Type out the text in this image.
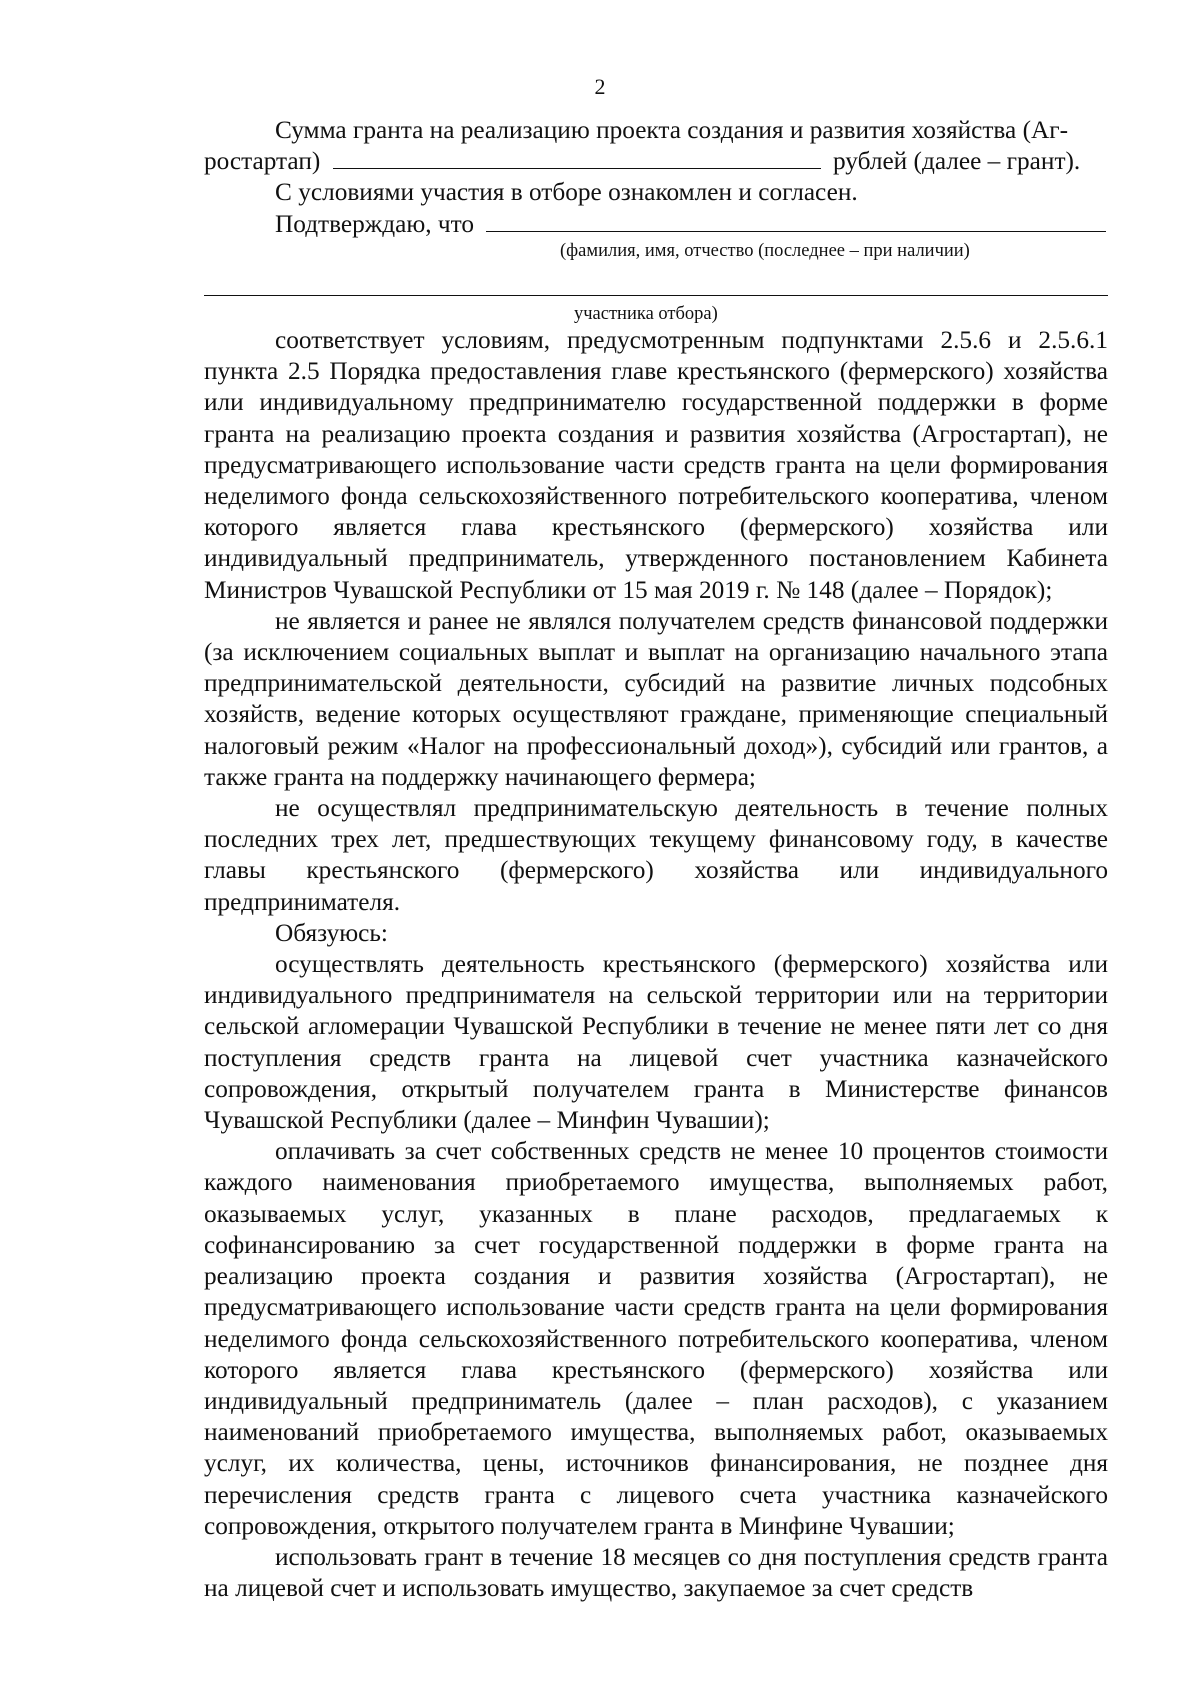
2
Сумма гранта на реализацию проекта создания и развития хозяйства (Аг-
ростартап)	рублей (далее – грант).
С условиями участия в отборе ознакомлен и согласен.
Подтверждаю, что
(фамилия, имя, отчество (последнее – при наличии)
участника отбора)

соответствует условиям, предусмотренным подпунктами 2.5.6 и 2.5.6.1 пункта 2.5 Порядка предоставления главе крестьянского (фермерского) хозяйства или индивидуальному предпринимателю государственной поддержки в форме гранта на реализацию проекта создания и развития хозяйства (Агростартап), не предусматривающего использование части средств гранта на цели формирования неделимого фонда сельскохозяйственного потребительского кооператива, членом которого является глава крестьянского (фермерского) хозяйства или индивидуальный предприниматель, утвержденного постановлением Кабинета Министров Чувашской Республики от 15 мая 2019 г. № 148 (далее – Порядок);

не является и ранее не являлся получателем средств финансовой поддержки (за исключением социальных выплат и выплат на организацию начального этапа предпринимательской деятельности, субсидий на развитие личных подсобных хозяйств, ведение которых осуществляют граждане, применяющие специальный налоговый режим «Налог на профессиональный доход»), субсидий или грантов, а также гранта на поддержку начинающего фермера;

не осуществлял предпринимательскую деятельность в течение полных последних трех лет, предшествующих текущему финансовому году, в качестве главы крестьянского (фермерского) хозяйства или индивидуального предпринимателя.

Обязуюсь:

осуществлять деятельность крестьянского (фермерского) хозяйства или индивидуального предпринимателя на сельской территории или на территории сельской агломерации Чувашской Республики в течение не менее пяти лет со дня поступления средств гранта на лицевой счет участника казначейского сопровождения, открытый получателем гранта в Министерстве финансов Чувашской Республики (далее – Минфин Чувашии);

оплачивать за счет собственных средств не менее 10 процентов стоимости каждого наименования приобретаемого имущества, выполняемых работ, оказываемых услуг, указанных в плане расходов, предлагаемых к софинансированию за счет государственной поддержки в форме гранта на реализацию проекта создания и развития хозяйства (Агростартап), не предусматривающего использование части средств гранта на цели формирования неделимого фонда сельскохозяйственного потребительского кооператива, членом которого является глава крестьянского (фермерского) хозяйства или индивидуальный предприниматель (далее – план расходов), с указанием наименований приобретаемого имущества, выполняемых работ, оказываемых услуг, их количества, цены, источников финансирования, не позднее дня перечисления средств гранта с лицевого счета участника казначейского сопровождения, открытого получателем гранта в Минфине Чувашии;

использовать грант в течение 18 месяцев со дня поступления средств гранта на лицевой счет и использовать имущество, закупаемое за счет средств
